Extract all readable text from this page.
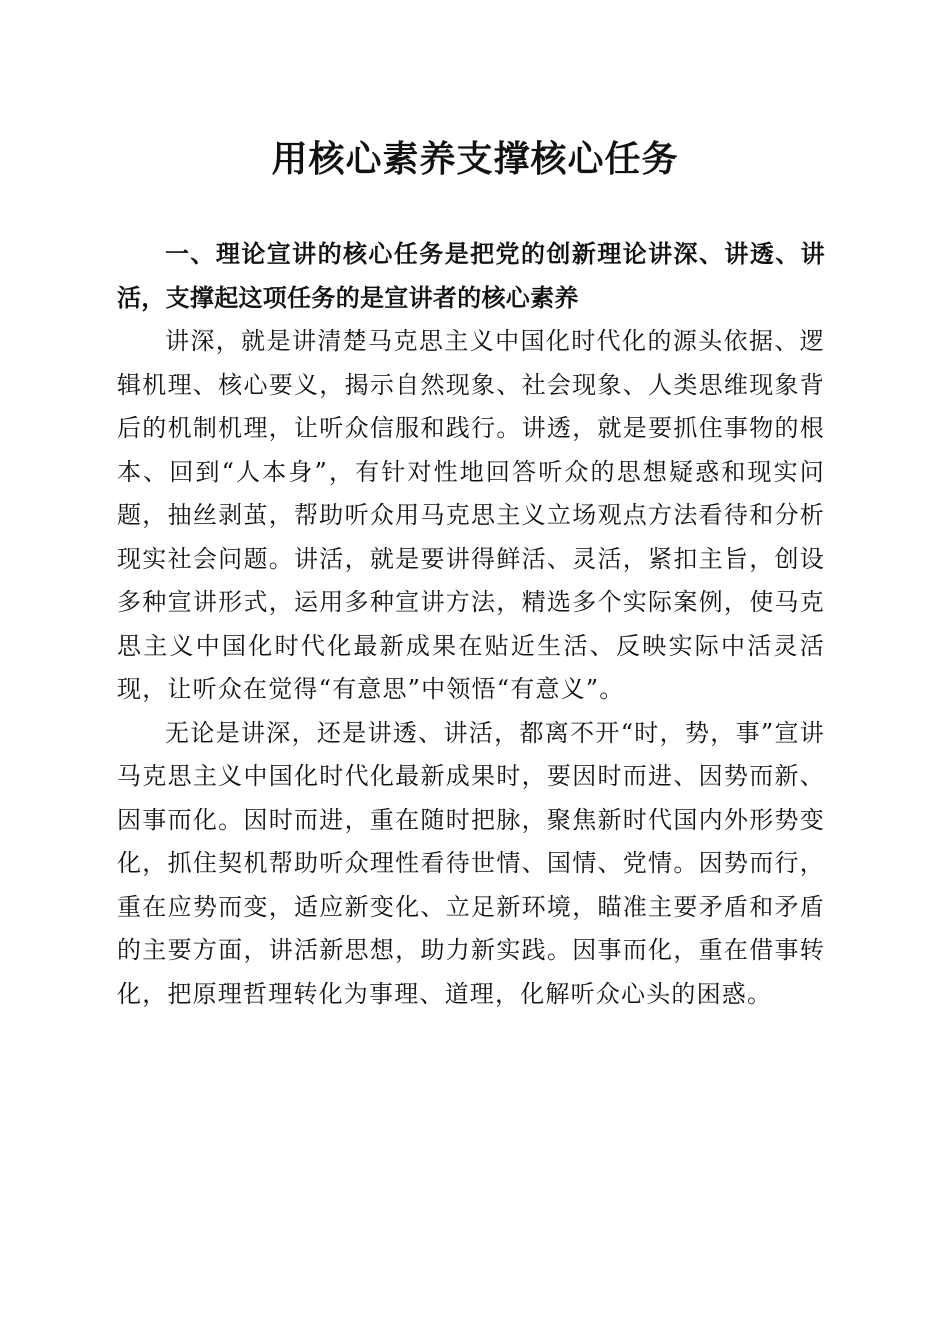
用核心素养支撑核心任务

一、理论宣讲的核心任务是把党的创新理论讲深、讲透、讲活，支撑起这项任务的是宣讲者的核心素养

讲深，就是讲清楚马克思主义中国化时代化的源头依据、逻辑机理、核心要义，揭示自然现象、社会现象、人类思维现象背后的机制机理，让听众信服和践行。讲透，就是要抓住事物的根本、回到“人本身”，有针对性地回答听众的思想疑惑和现实问题，抽丝剥茧，帮助听众用马克思主义立场观点方法看待和分析现实社会问题。讲活，就是要讲得鲜活、灵活，紧扣主旨，创设多种宣讲形式，运用多种宣讲方法，精选多个实际案例，使马克思主义中国化时代化最新成果在贴近生活、反映实际中活灵活现，让听众在觉得“有意思”中领悟“有意义”。

无论是讲深，还是讲透、讲活，都离不开“时，势，事”宣讲马克思主义中国化时代化最新成果时，要因时而进、因势而新、因事而化。因时而进，重在随时把脉，聚焦新时代国内外形势变化，抓住契机帮助听众理性看待世情、国情、党情。因势而行，重在应势而变，适应新变化、立足新环境，瞄准主要矛盾和矛盾的主要方面，讲活新思想，助力新实践。因事而化，重在借事转化，把原理哲理转化为事理、道理，化解听众心头的困惑。
